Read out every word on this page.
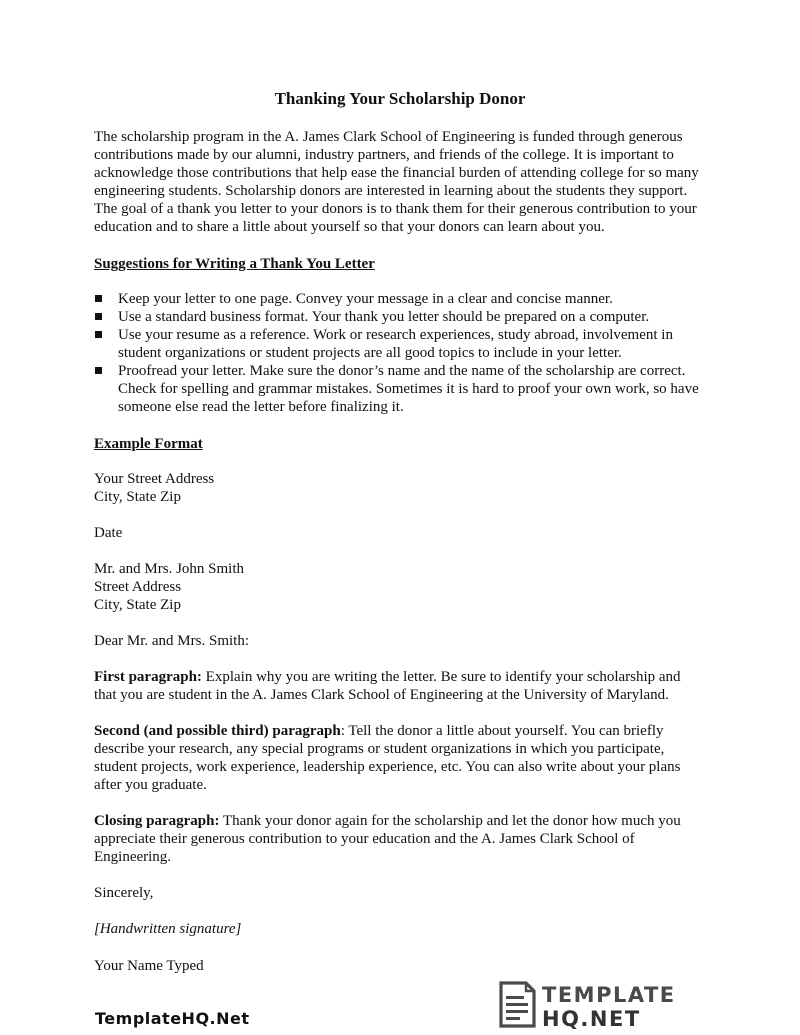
Thanking Your Scholarship Donor
The scholarship program in the A. James Clark School of Engineering is funded through generous
contributions made by our alumni, industry partners, and friends of the college. It is important to
acknowledge those contributions that help ease the financial burden of attending college for so many
engineering students. Scholarship donors are interested in learning about the students they support.
The goal of a thank you letter to your donors is to thank them for their generous contribution to your
education and to share a little about yourself so that your donors can learn about you.
Suggestions for Writing a Thank You Letter
Keep your letter to one page. Convey your message in a clear and concise manner.
Use a standard business format. Your thank you letter should be prepared on a computer.
Use your resume as a reference. Work or research experiences, study abroad, involvement in
student organizations or student projects are all good topics to include in your letter.
Proofread your letter. Make sure the donor’s name and the name of the scholarship are correct.
Check for spelling and grammar mistakes. Sometimes it is hard to proof your own work, so have
someone else read the letter before finalizing it.
Example Format
Your Street Address
City, State Zip
Date
Mr. and Mrs. John Smith
Street Address
City, State Zip
Dear Mr. and Mrs. Smith:
First paragraph: Explain why you are writing the letter. Be sure to identify your scholarship and
that you are student in the A. James Clark School of Engineering at the University of Maryland.
Second (and possible third) paragraph: Tell the donor a little about yourself. You can briefly
describe your research, any special programs or student organizations in which you participate,
student projects, work experience, leadership experience, etc. You can also write about your plans
after you graduate.
Closing paragraph: Thank your donor again for the scholarship and let the donor how much you
appreciate their generous contribution to your education and the A. James Clark School of
Engineering.
Sincerely,
[Handwritten signature]
Your Name Typed
TemplateHQ.Net
TEMPLATE
HQ.NET
